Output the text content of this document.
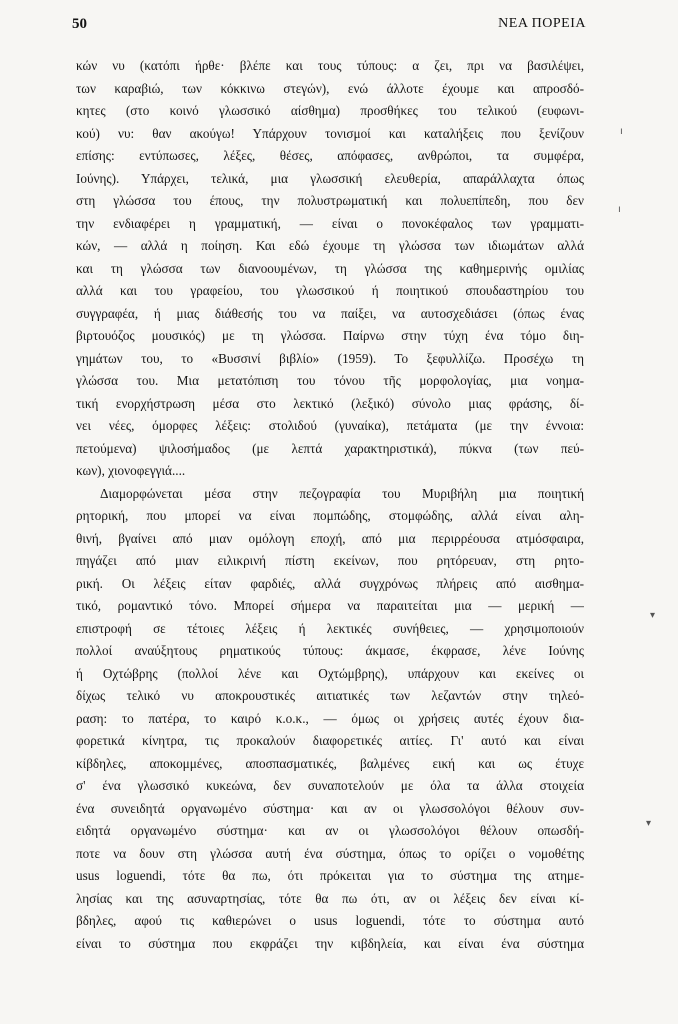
50	ΝΕΑ ΠΟΡΕΙΑ
κών νυ (κατόπι ήρθε· βλέπε και τους τύπους: α ζει, πρι να βασιλέψει,
των καραβιώ, των κόκκινω στεγών), ενώ άλλοτε έχουμε και απροσδό-
κητες (στο κοινό γλωσσικό αίσθημα) προσθήκες του τελικού (ευφωνι-
κού) νυ: θαν ακούγω! Υπάρχουν τονισμοί και καταλήξεις που ξενίζουν
επίσης: εντύπωσες, λέξες, θέσες, απόφασες, ανθρώποι, τα συμφέρα,
Ιούνης). Υπάρχει, τελικά, μια γλωσσική ελευθερία, απαράλλαχτα όπως
στη γλώσσα του έπους, την πολυστρωματική και πολυεπίπεδη, που δεν
την ενδιαφέρει η γραμματική, — είναι ο πονοκέφαλος των γραμματι-
κών, — αλλά η ποίηση. Και εδώ έχουμε τη γλώσσα των ιδιωμάτων αλλά
και τη γλώσσα των διανοουμένων, τη γλώσσα της καθημερινής ομιλίας
αλλά και του γραφείου, του γλωσσικού ή ποιητικού σπουδαστηρίου του
συγγραφέα, ή μιας διάθεσής του να παίξει, να αυτοσχεδιάσει (όπως ένας
βιρτουόζος μουσικός) με τη γλώσσα. Παίρνω στην τύχη ένα τόμο διη-
γημάτων του, το «Βυσσινί βιβλίο» (1959). Το ξεφυλλίζω. Προσέχω τη
γλώσσα του. Μια μετατόπιση του τόνου τῆς μορφολογίας, μια νοημα-
τική ενορχήστρωση μέσα στο λεκτικό (λεξικό) σύνολο μιας φράσης, δί-
νει νέες, όμορφες λέξεις: στολιδού (γυναίκα), πετάματα (με την έννοια:
πετούμενα) ψιλοσήμαδος (με λεπτά χαρακτηριστικά), πύκνα (των πεύ-
κων), χιονοφεγγιά....
Διαμορφώνεται μέσα στην πεζογραφία του Μυριβήλη μια ποιητική
ρητορική, που μπορεί να είναι πομπώδης, στομφώδης, αλλά είναι αλη-
θινή, βγαίνει από μιαν ομόλογη εποχή, από μια περιρρέουσα ατμόσφαιρα,
πηγάζει από μιαν ειλικρινή πίστη εκείνων, που ρητόρευαν, στη ρητο-
ρική. Οι λέξεις είταν φαρδιές, αλλά συγχρόνως πλήρεις από αισθημα-
τικό, ρομαντικό τόνο. Μπορεί σήμερα να παραιτείται μια — μερική —
επιστροφή σε τέτοιες λέξεις ή λεκτικές συνήθειες, — χρησιμοποιούν
πολλοί αναύξητους ρηματικούς τύπους: άκμασε, έκφρασε, λένε Ιούνης
ή Οχτώβρης (πολλοί λένε και Οχτώμβρης), υπάρχουν και εκείνες οι
δίχως τελικό νυ αποκρουστικές αιτιατικές των λεζαντών στην τηλεό-
ραση: το πατέρα, το καιρό κ.ο.κ., — όμως οι χρήσεις αυτές έχουν δια-
φορετικά κίνητρα, τις προκαλούν διαφορετικές αιτίες. Γι' αυτό και είναι
κίβδηλες, αποκομμένες, αποσπασματικές, βαλμένες εική και ως έτυχε
σ' ένα γλωσσικό κυκεώνα, δεν συναποτελούν με όλα τα άλλα στοιχεία
ένα συνειδητά οργανωμένο σύστημα· και αν οι γλωσσολόγοι θέλουν συν-
ειδητά οργανωμένο σύστημα· και αν οι γλωσσολόγοι θέλουν οπωσδή-
ποτε να δουν στη γλώσσα αυτή ένα σύστημα, όπως το ορίζει ο νομοθέτης
usus loguendi, τότε θα πω, ότι πρόκειται για το σύστημα της ατημε-
λησίας και της ασυναρτησίας, τότε θα πω ότι, αν οι λέξεις δεν είναι κί-
βδηλες, αφού τις καθιερώνει ο usus loguendi, τότε το σύστημα αυτό
είναι το σύστημα που εκφράζει την κιβδηλεία, και είναι ένα σύστημα
ı
ı
▾
▾
